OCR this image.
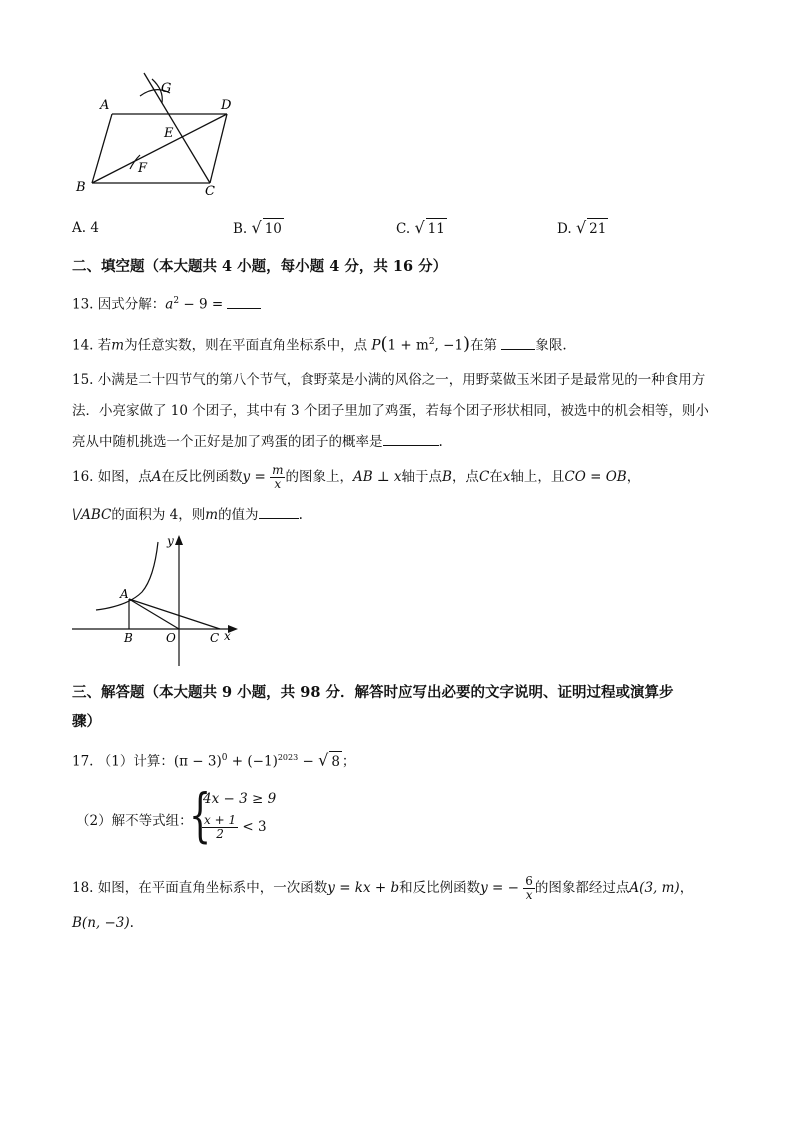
A	D
G
E
F
B	C
A. 4	B. √ 10	C. √ 11	D. √ 21
二、填空题（本大题共 4 小题，每小题 4 分，共 16 分）
13. 因式分解：$a^2 - 9$ =
14. 若m为任意实数，则在平面直角坐标系中，点 $P(1 + m^2$, −1)在第	象限.
15. 小满是二十四节气的第八个节气，食野菜是小满的风俗之一，用野菜做玉米团子是最常见的一种食用方
法．小亮家做了 10 个团子，其中有 3 个团子里加了鸡蛋，若每个团子形状相同，被选中的机会相等，则小
亮从中随机挑选一个正好是加了鸡蛋的团子的概率是	.
16. 如图，点A在反比例函数$y = \frac{m}{x}$ 的图象上，AB ⊥ x轴于点B，点C在x轴上，且CO = OB，
\/ABC的面积为 4，则m的值为	.
y
x
A
B	O	C
三、解答题（本大题共 9 小题，共 98 分．解答时应写出必要的文字说明、证明过程或演算步
骤）
17. （1）计算：$(\pi - 3)^0 + (-1)^{2023}$ − √ 8 ；
（2）解不等式组：
{
4x − 3 ≥ 9
$\frac{x + 1}{2} < 3$
18. 如图，在平面直角坐标系中，一次函数y = kx + b和反比例函数y = − $\frac{6}{x}$ 的图象都经过点A(3, m)，
B(n, −3).
